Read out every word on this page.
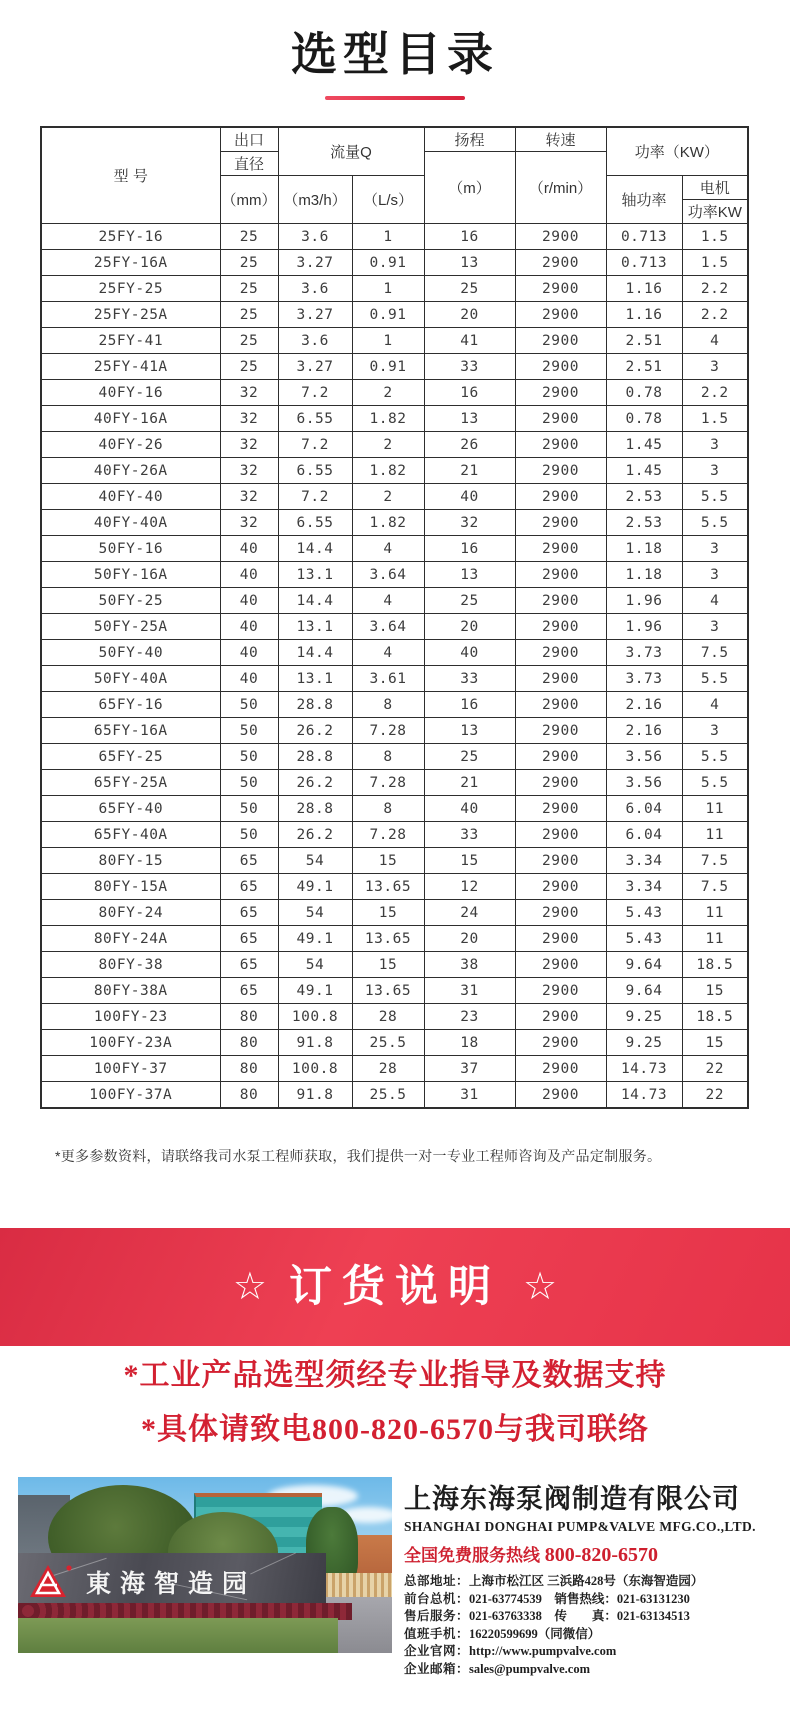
选型目录
型 号	出口	流量Q		扬程	转速	功率（KW）	
	直径			（m）	（r/min）		
	（mm）	（m3/h）	（L/s）			轴功率	电机
							功率KW
25FY-16	25	3.6	1	16	2900	0.713	1.5
25FY-16A	25	3.27	0.91	13	2900	0.713	1.5
25FY-25	25	3.6	1	25	2900	1.16	2.2
25FY-25A	25	3.27	0.91	20	2900	1.16	2.2
25FY-41	25	3.6	1	41	2900	2.51	4
25FY-41A	25	3.27	0.91	33	2900	2.51	3
40FY-16	32	7.2	2	16	2900	0.78	2.2
40FY-16A	32	6.55	1.82	13	2900	0.78	1.5
40FY-26	32	7.2	2	26	2900	1.45	3
40FY-26A	32	6.55	1.82	21	2900	1.45	3
40FY-40	32	7.2	2	40	2900	2.53	5.5
40FY-40A	32	6.55	1.82	32	2900	2.53	5.5
50FY-16	40	14.4	4	16	2900	1.18	3
50FY-16A	40	13.1	3.64	13	2900	1.18	3
50FY-25	40	14.4	4	25	2900	1.96	4
50FY-25A	40	13.1	3.64	20	2900	1.96	3
50FY-40	40	14.4	4	40	2900	3.73	7.5
50FY-40A	40	13.1	3.61	33	2900	3.73	5.5
65FY-16	50	28.8	8	16	2900	2.16	4
65FY-16A	50	26.2	7.28	13	2900	2.16	3
65FY-25	50	28.8	8	25	2900	3.56	5.5
65FY-25A	50	26.2	7.28	21	2900	3.56	5.5
65FY-40	50	28.8	8	40	2900	6.04	11
65FY-40A	50	26.2	7.28	33	2900	6.04	11
80FY-15	65	54	15	15	2900	3.34	7.5
80FY-15A	65	49.1	13.65	12	2900	3.34	7.5
80FY-24	65	54	15	24	2900	5.43	11
80FY-24A	65	49.1	13.65	20	2900	5.43	11
80FY-38	65	54	15	38	2900	9.64	18.5
80FY-38A	65	49.1	13.65	31	2900	9.64	15
100FY-23	80	100.8	28	23	2900	9.25	18.5
100FY-23A	80	91.8	25.5	18	2900	9.25	15
100FY-37	80	100.8	28	37	2900	14.73	22
100FY-37A	80	91.8	25.5	31	2900	14.73	22

*更多参数资料，请联络我司水泵工程师获取，我们提供一对一专业工程师咨询及产品定制服务。

☆ 订货说明 ☆

*工业产品选型须经专业指导及数据支持

*具体请致电800-820-6570与我司联络

東海智造园
上海东海泵阀制造有限公司
SHANGHAI DONGHAI PUMP&VALVE MFG.CO.,LTD.
全国免费服务热线 800-820-6570
总部地址：上海市松江区 三浜路428号（东海智造园）
前台总机：021-63774539　销售热线：021-63131230
售后服务：021-63763338　传　　真：021-63134513
值班手机：16220599699（同微信）
企业官网：http://www.pumpvalve.com
企业邮箱：sales@pumpvalve.com
